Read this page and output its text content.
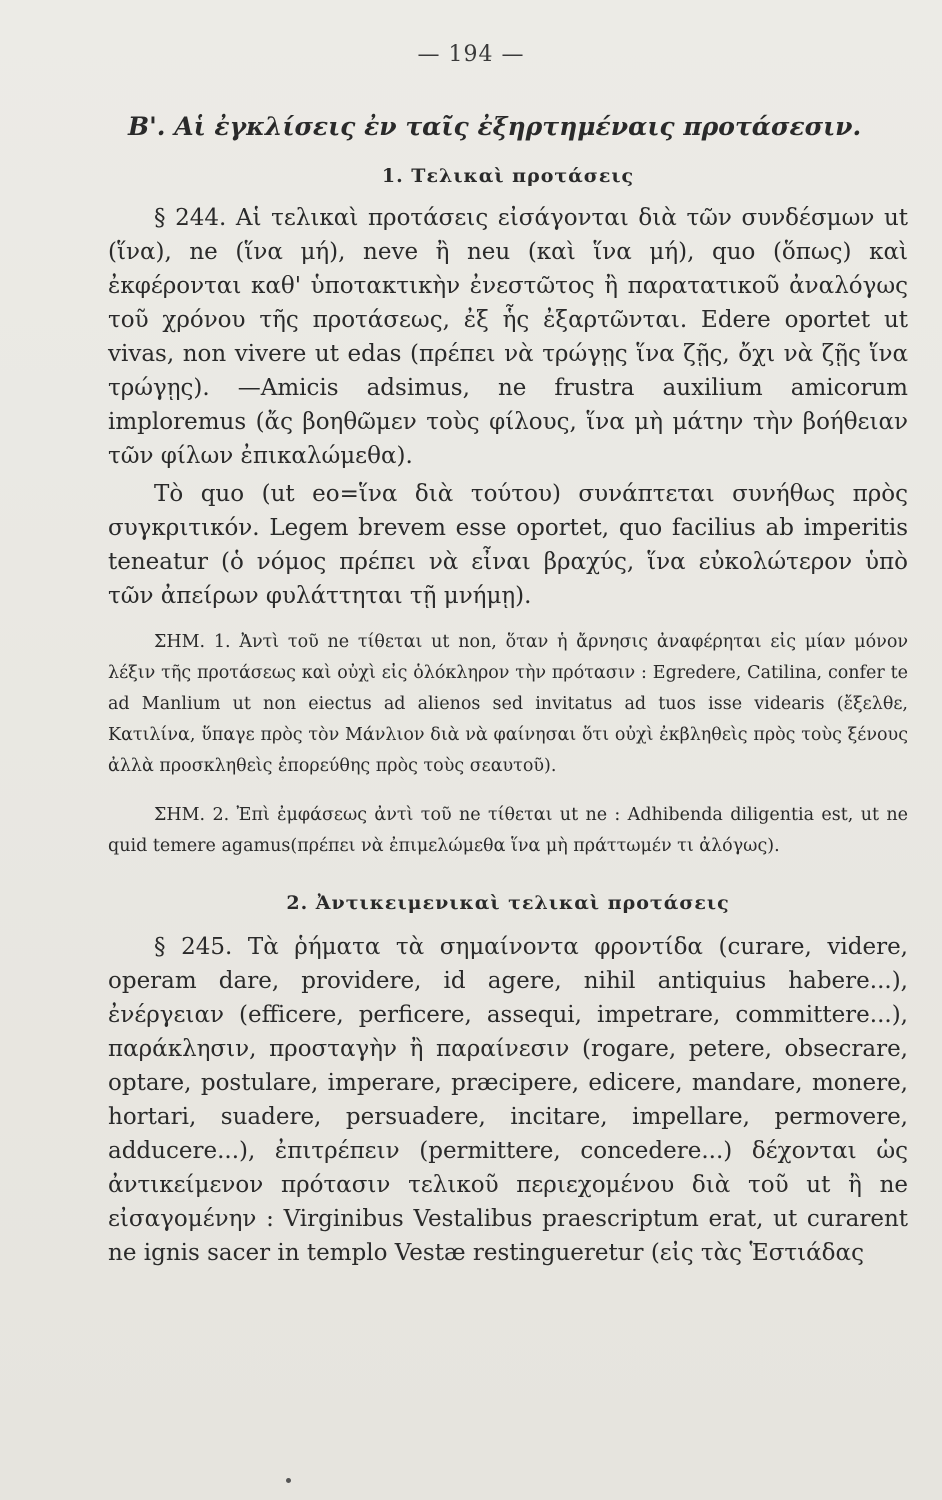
— 194 —
Β'. Αἱ ἐγκλίσεις ἐν ταῖς ἐξηρτημέναις προτάσεσιν.
1. Τελικαὶ προτάσεις

§ 244. Αἱ τελικαὶ προτάσεις εἰσάγονται διὰ τῶν συνδέσμων ut (ἵνα), ne (ἵνα μή), neve ἢ neu (καὶ ἵνα μή), quo (ὅπως) καὶ ἐκφέρονται καθ' ὑποτακτικὴν ἐνεστῶτος ἢ παρατατικοῦ ἀναλόγως τοῦ χρόνου τῆς προτάσεως, ἐξ ἧς ἐξαρτῶνται. Edere oportet ut vivas, non vivere ut edas (πρέπει νὰ τρώγῃς ἵνα ζῇς, ὄχι νὰ ζῇς ἵνα τρώγῃς). —Amicis adsimus, ne frustra auxilium amicorum imploremus (ἄς βοηθῶμεν τοὺς φίλους, ἵνα μὴ μάτην τὴν βοήθειαν τῶν φίλων ἐπικαλώμεθα).

Τὸ quo (ut eo=ἵνα διὰ τούτου) συνάπτεται συνήθως πρὸς συγκριτικόν. Legem brevem esse oportet, quo facilius ab imperitis teneatur (ὁ νόμος πρέπει νὰ εἶναι βραχύς, ἵνα εὐκολώτερον ὑπὸ τῶν ἀπείρων φυλάττηται τῇ μνήμῃ).

ΣΗΜ. 1. Ἀντὶ τοῦ ne τίθεται ut non, ὅταν ἡ ἄρνησις ἀναφέρηται εἰς μίαν μόνον λέξιν τῆς προτάσεως καὶ οὐχὶ εἰς ὁλόκληρον τὴν πρότασιν : Egredere, Catilina, confer te ad Manlium ut non eiectus ad alienos sed invitatus ad tuos isse videaris (ἔξελθε, Κατιλίνα, ὕπαγε πρὸς τὸν Μάνλιον διὰ νὰ φαίνησαι ὅτι οὐχὶ ἐκβληθεὶς πρὸς τοὺς ξένους ἀλλὰ προσκληθεὶς ἐπορεύθης πρὸς τοὺς σεαυτοῦ).

ΣΗΜ. 2. Ἐπὶ ἐμφάσεως ἀντὶ τοῦ ne τίθεται ut ne : Adhibenda diligentia est, ut ne quid temere agamus(πρέπει νὰ ἐπιμελώμεθα ἵνα μὴ πράττωμέν τι ἀλόγως).

2. Ἀντικειμενικαὶ τελικαὶ προτάσεις

§ 245. Τὰ ῥήματα τὰ σημαίνοντα φροντίδα (curare, videre, operam dare, providere, id agere, nihil antiquius habere...), ἐνέργειαν (efficere, perficere, assequi, impetrare, committere...), παράκλησιν, προσταγὴν ἢ παραίνεσιν (rogare, petere, obsecrare, optare, postulare, imperare, præcipere, edicere, mandare, monere, hortari, suadere, persuadere, incitare, impellare, permovere, adducere...), ἐπιτρέπειν (permittere, concedere...) δέχονται ὡς ἀντικείμενον πρότασιν τελικοῦ περιεχομένου διὰ τοῦ ut ἢ ne εἰσαγομένην : Virginibus Vestalibus praescriptum erat, ut curarent ne ignis sacer in templo Vestæ restingueretur (εἰς τὰς Ἑστιάδας
